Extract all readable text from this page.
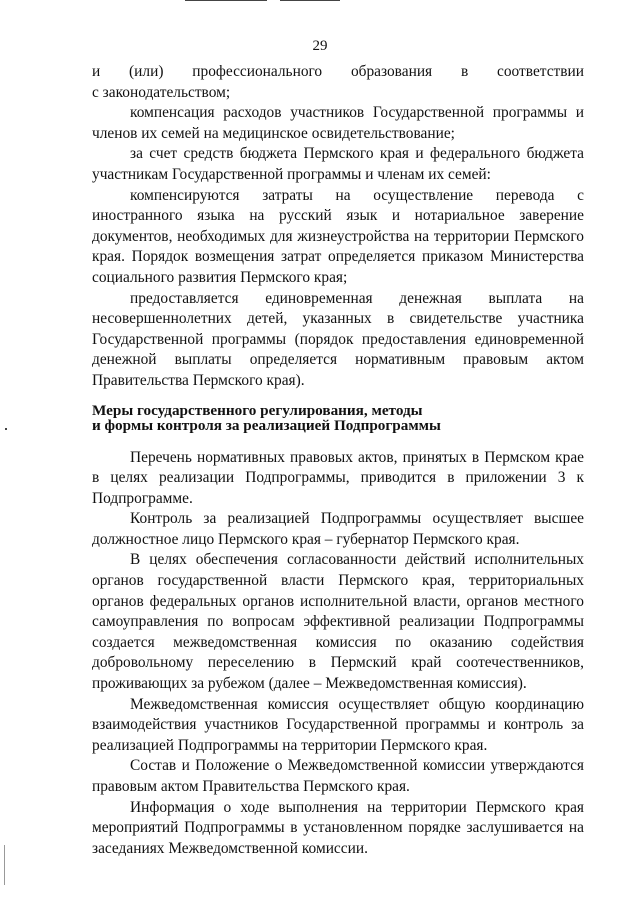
29

и (или) профессионального образования в соответствии

с законодательством;

компенсация расходов участников Государственной программы и членов их семей на медицинское освидетельствование;

за счет средств бюджета Пермского края и федерального бюджета участникам Государственной программы и членам их семей:

компенсируются затраты на осуществление перевода с иностранного языка на русский язык и нотариальное заверение документов, необходимых для жизнеустройства на территории Пермского края. Порядок возмещения затрат определяется приказом Министерства социального развития Пермского края;

предоставляется единовременная денежная выплата на несовершеннолетних детей, указанных в свидетельстве участника Государственной программы (порядок предоставления единовременной денежной выплаты определяется нормативным правовым актом Правительства Пермского края).

Меры государственного регулирования, методы
и формы контроля за реализацией Подпрограммы

Перечень нормативных правовых актов, принятых в Пермском крае в целях реализации Подпрограммы, приводится в приложении 3 к Подпрограмме.

Контроль за реализацией Подпрограммы осуществляет высшее должностное лицо Пермского края – губернатор Пермского края.

В целях обеспечения согласованности действий исполнительных органов государственной власти Пермского края, территориальных органов федеральных органов исполнительной власти, органов местного самоуправления по вопросам эффективной реализации Подпрограммы создается межведомственная комиссия по оказанию содействия добровольному переселению в Пермский край соотечественников, проживающих за рубежом (далее – Межведомственная комиссия).

Межведомственная комиссия осуществляет общую координацию взаимодействия участников Государственной программы и контроль за реализацией Подпрограммы на территории Пермского края.

Состав и Положение о Межведомственной комиссии утверждаются правовым актом Правительства Пермского края.

Информация о ходе выполнения на территории Пермского края мероприятий Подпрограммы в установленном порядке заслушивается на заседаниях Межведомственной комиссии.
